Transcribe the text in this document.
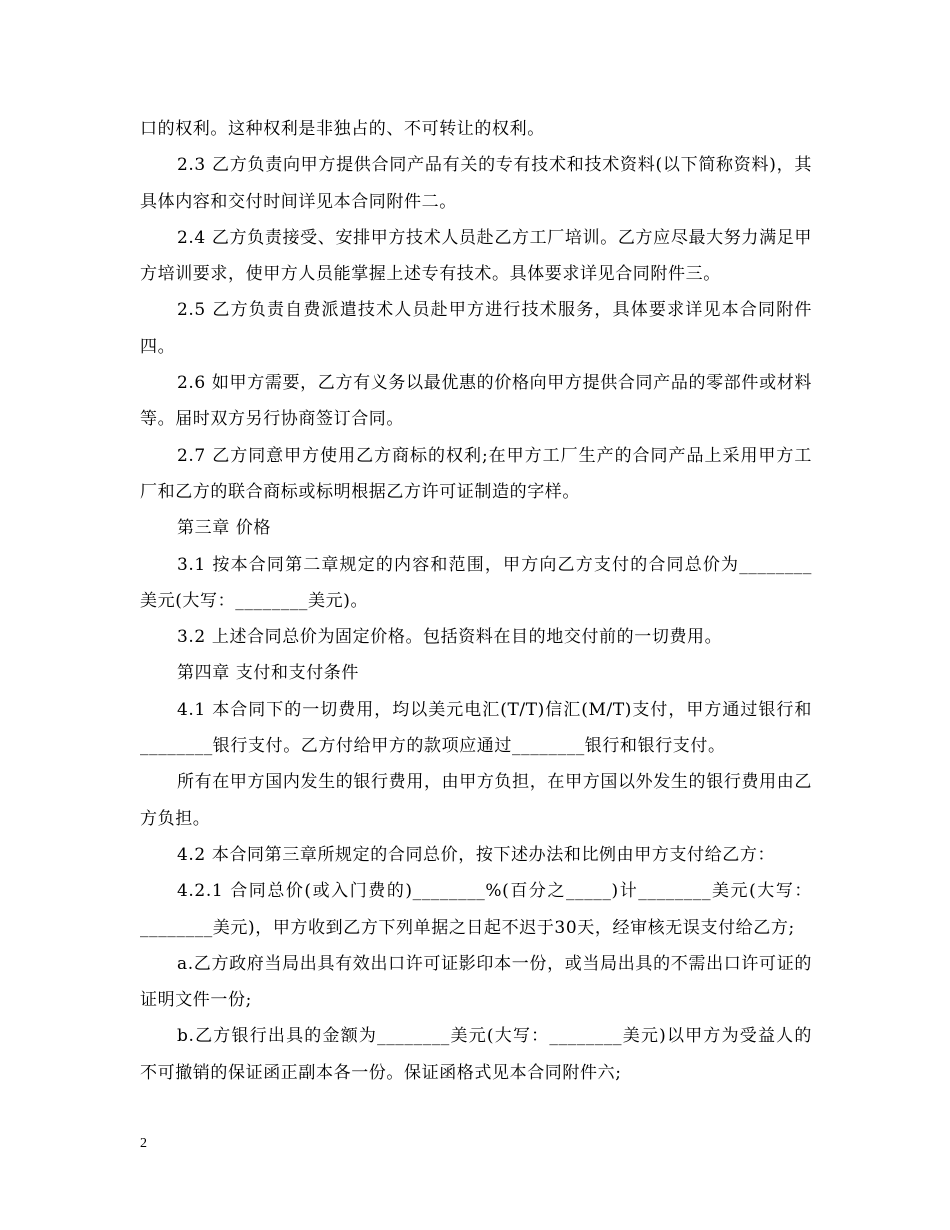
口的权利。这种权利是非独占的、不可转让的权利。

2.3 乙方负责向甲方提供合同产品有关的专有技术和技术资料(以下简称资料)，其具体内容和交付时间详见本合同附件二。

2.4 乙方负责接受、安排甲方技术人员赴乙方工厂培训。乙方应尽最大努力满足甲方培训要求，使甲方人员能掌握上述专有技术。具体要求详见合同附件三。

2.5 乙方负责自费派遣技术人员赴甲方进行技术服务，具体要求详见本合同附件四。

2.6 如甲方需要，乙方有义务以最优惠的价格向甲方提供合同产品的零部件或材料等。届时双方另行协商签订合同。

2.7 乙方同意甲方使用乙方商标的权利;在甲方工厂生产的合同产品上采用甲方工厂和乙方的联合商标或标明根据乙方许可证制造的字样。

第三章 价格

3.1 按本合同第二章规定的内容和范围，甲方向乙方支付的合同总价为________美元(大写：________美元)。

3.2 上述合同总价为固定价格。包括资料在目的地交付前的一切费用。

第四章 支付和支付条件

4.1 本合同下的一切费用，均以美元电汇(T/T)信汇(M/T)支付，甲方通过银行和________银行支付。乙方付给甲方的款项应通过________银行和银行支付。

所有在甲方国内发生的银行费用，由甲方负担，在甲方国以外发生的银行费用由乙方负担。

4.2 本合同第三章所规定的合同总价，按下述办法和比例由甲方支付给乙方：

4.2.1 合同总价(或入门费的)________%(百分之_____)计________美元(大写：________美元)，甲方收到乙方下列单据之日起不迟于30天，经审核无误支付给乙方;

a.乙方政府当局出具有效出口许可证影印本一份，或当局出具的不需出口许可证的证明文件一份;

b.乙方银行出具的金额为________美元(大写：________美元)以甲方为受益人的不可撤销的保证函正副本各一份。保证函格式见本合同附件六;

2
